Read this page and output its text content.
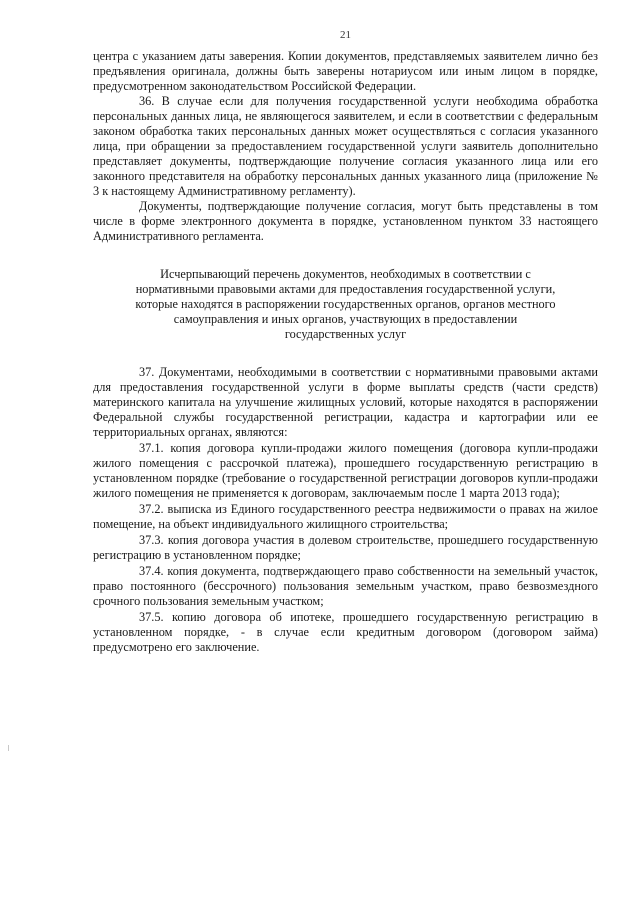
21

центра с указанием даты заверения. Копии документов, представляемых заявителем лично без предъявления оригинала, должны быть заверены нотариусом или иным лицом в порядке, предусмотренном законодательством Российской Федерации.

36. В случае если для получения государственной услуги необходима обработка персональных данных лица, не являющегося заявителем, и если в соответствии с федеральным законом обработка таких персональных данных может осуществляться с согласия указанного лица, при обращении за предоставлением государственной услуги заявитель дополнительно представляет документы, подтверждающие получение согласия указанного лица или его законного представителя на обработку персональных данных указанного лица (приложение № 3 к настоящему Административному регламенту).

Документы, подтверждающие получение согласия, могут быть представлены в том числе в форме электронного документа в порядке, установленном пунктом 33 настоящего Административного регламента.

Исчерпывающий перечень документов, необходимых в соответствии с
нормативными правовыми актами для предоставления государственной услуги,
которые находятся в распоряжении государственных органов, органов местного
самоуправления и иных органов, участвующих в предоставлении
государственных услуг

37. Документами, необходимыми в соответствии с нормативными правовыми актами для предоставления государственной услуги в форме выплаты средств (части средств) материнского капитала на улучшение жилищных условий, которые находятся в распоряжении Федеральной службы государственной регистрации, кадастра и картографии или ее территориальных органах, являются:

37.1. копия договора купли-продажи жилого помещения (договора купли-продажи жилого помещения с рассрочкой платежа), прошедшего государственную регистрацию в установленном порядке (требование о государственной регистрации договоров купли-продажи жилого помещения не применяется к договорам, заключаемым после 1 марта 2013 года);

37.2. выписка из Единого государственного реестра недвижимости о правах на жилое помещение, на объект индивидуального жилищного строительства;

37.3. копия договора участия в долевом строительстве, прошедшего государственную регистрацию в установленном порядке;

37.4. копия документа, подтверждающего право собственности на земельный участок, право постоянного (бессрочного) пользования земельным участком, право безвозмездного срочного пользования земельным участком;

37.5. копию договора об ипотеке, прошедшего государственную регистрацию в установленном порядке, - в случае если кредитным договором (договором займа) предусмотрено его заключение.
